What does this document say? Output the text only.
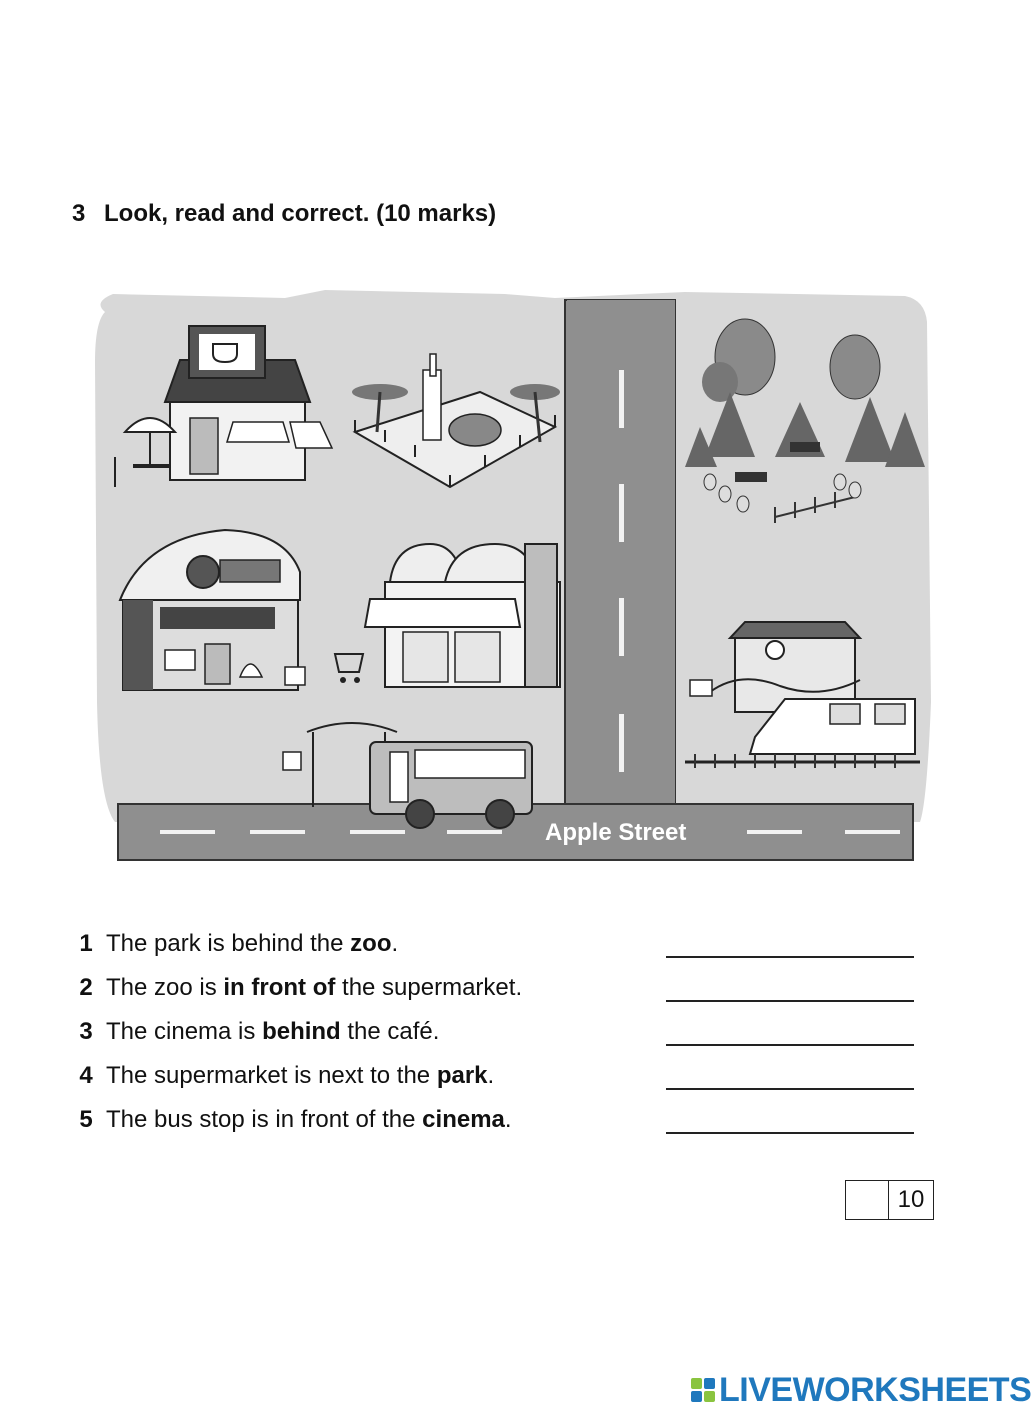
3 Look, read and correct. (10 marks)
Apple Street
1 The park is behind the zoo.
2 The zoo is in front of the supermarket.
3 The cinema is behind the café.
4 The supermarket is next to the park.
5 The bus stop is in front of the cinema.
10
LIVEWORKSHEETS
